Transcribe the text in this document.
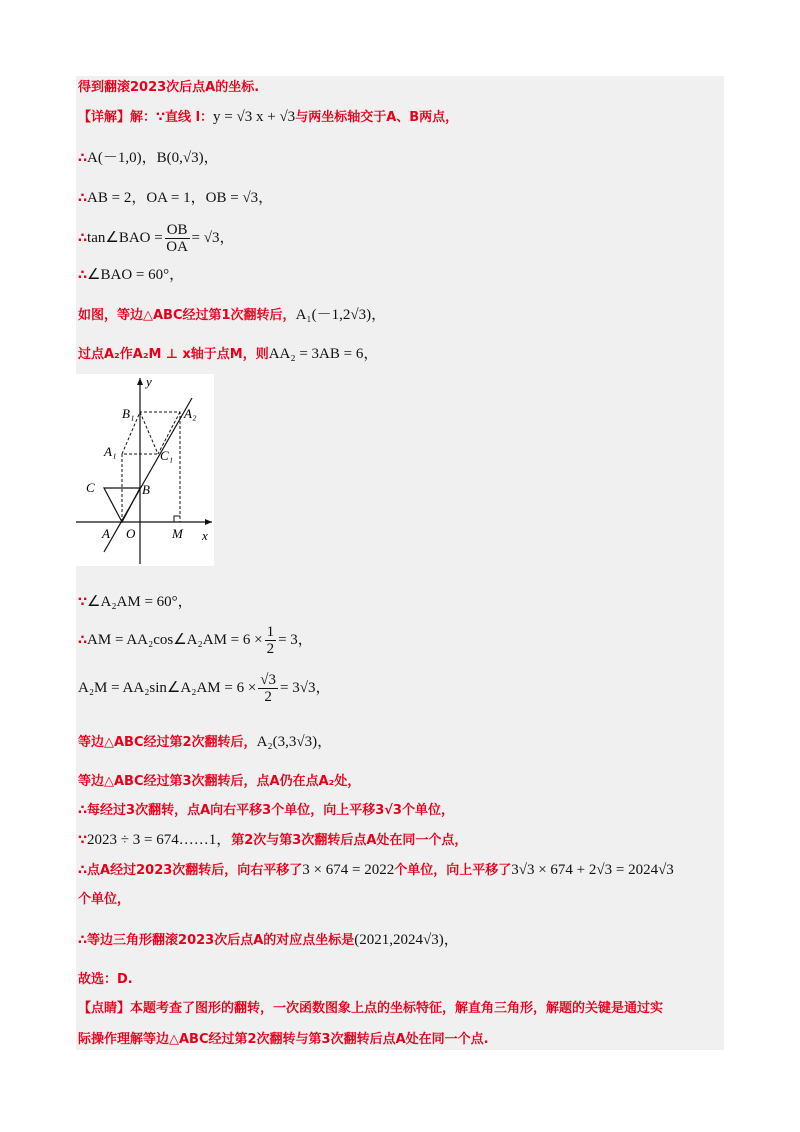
得到翻滚2023次后点A的坐标.
【详解】解：∵直线 l：y = √3 x + √3与两坐标轴交于A、B两点，
∴A(－1,0)，B(0,√3)，
∴AB = 2，OA = 1，OB = √3，
∴tan∠BAO = $\frac{OB}{OA} = √3$，
∴∠BAO = 60°，
如图，等边△ABC经过第1次翻转后，A₁(－1,2√3)，
过点A₂作A₂M ⊥ x轴于点M，则AA₂ = 3AB = 6，
y
x
O
A
B
C
M
A₁
B₁
C₁
A₂
∵∠A₂AM = 60°，
∴AM = AA₂cos∠A₂AM = $6 \times \frac{1}{2} = 3$，
A₂M = AA₂sin∠A₂AM = $6 \times \frac{√3}{2} = 3√3$，
等边△ABC经过第2次翻转后，A₂(3,3√3)，
等边△ABC经过第3次翻转后，点A仍在点A₂处，
∴每经过3次翻转，点A向右平移3个单位，向上平移3√3个单位，
∵2023 ÷ 3 = 674……1，第2次与第3次翻转后点A处在同一个点，
∴点A经过2023次翻转后，向右平移了3 × 674 = 2022个单位，向上平移了3√3 × 674 + 2√3 = 2024√3
个单位，
∴等边三角形翻滚2023次后点A的对应点坐标是(2021,2024√3)，
故选：D.
【点睛】本题考查了图形的翻转，一次函数图象上点的坐标特征，解直角三角形，解题的关键是通过实
际操作理解等边△ABC经过第2次翻转与第3次翻转后点A处在同一个点.
